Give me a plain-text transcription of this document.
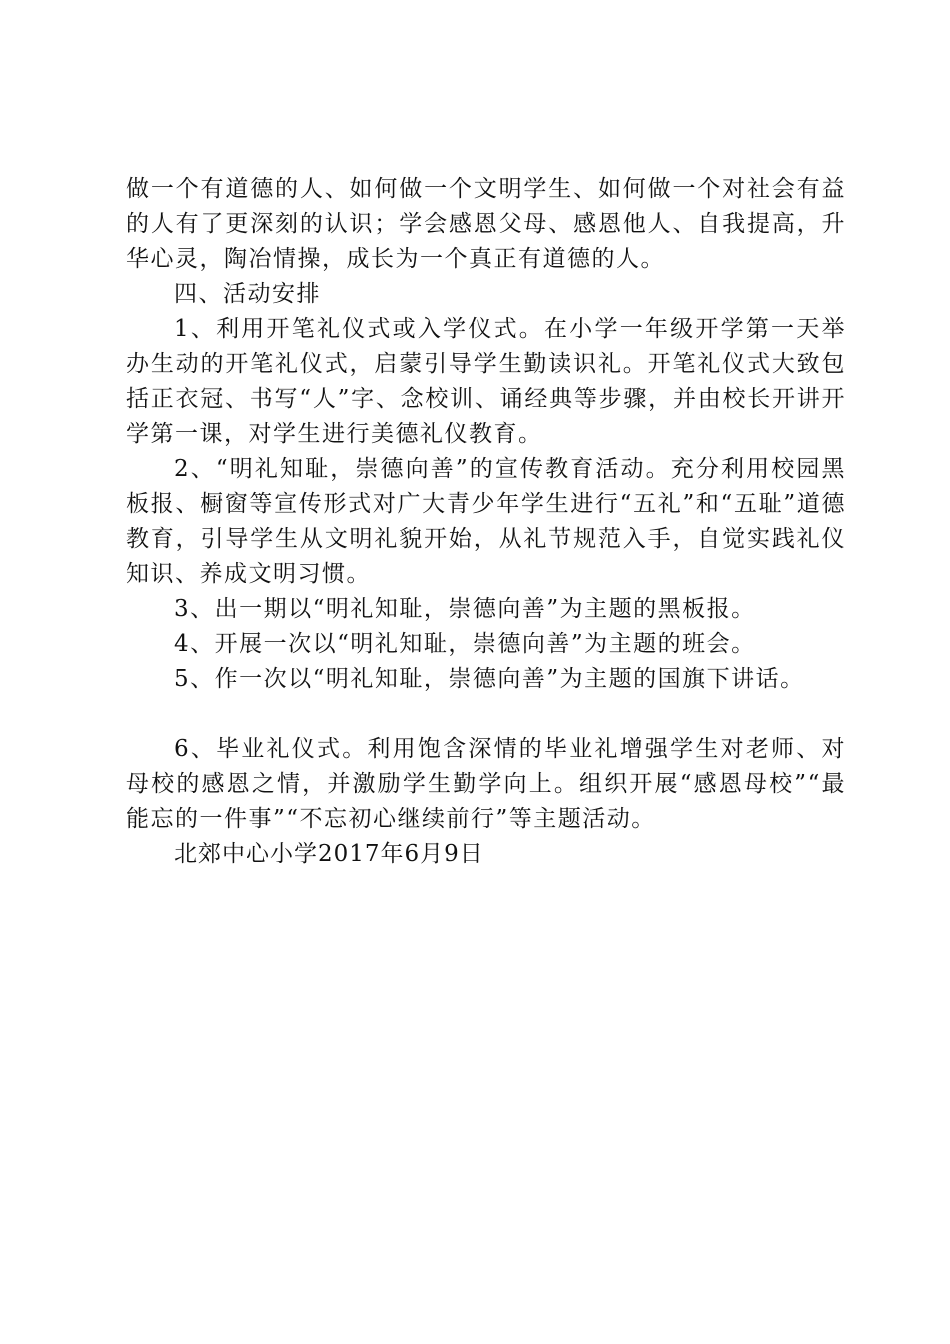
做一个有道德的人、如何做一个文明学生、如何做一个对社会有益的人有了更深刻的认识；学会感恩父母、感恩他人、自我提高，升华心灵，陶冶情操，成长为一个真正有道德的人。

四、活动安排

1、利用开笔礼仪式或入学仪式。在小学一年级开学第一天举办生动的开笔礼仪式，启蒙引导学生勤读识礼。开笔礼仪式大致包括正衣冠、书写“人”字、念校训、诵经典等步骤，并由校长开讲开学第一课，对学生进行美德礼仪教育。

2、“明礼知耻，崇德向善”的宣传教育活动。充分利用校园黑板报、橱窗等宣传形式对广大青少年学生进行“五礼”和“五耻”道德教育，引导学生从文明礼貌开始，从礼节规范入手，自觉实践礼仪知识、养成文明习惯。

3、出一期以“明礼知耻，崇德向善”为主题的黑板报。

4、开展一次以“明礼知耻，崇德向善”为主题的班会。

5、作一次以“明礼知耻，崇德向善”为主题的国旗下讲话。

6、毕业礼仪式。利用饱含深情的毕业礼增强学生对老师、对母校的感恩之情，并激励学生勤学向上。组织开展“感恩母校”“最能忘的一件事”“不忘初心继续前行”等主题活动。

北郊中心小学2017年6月9日
